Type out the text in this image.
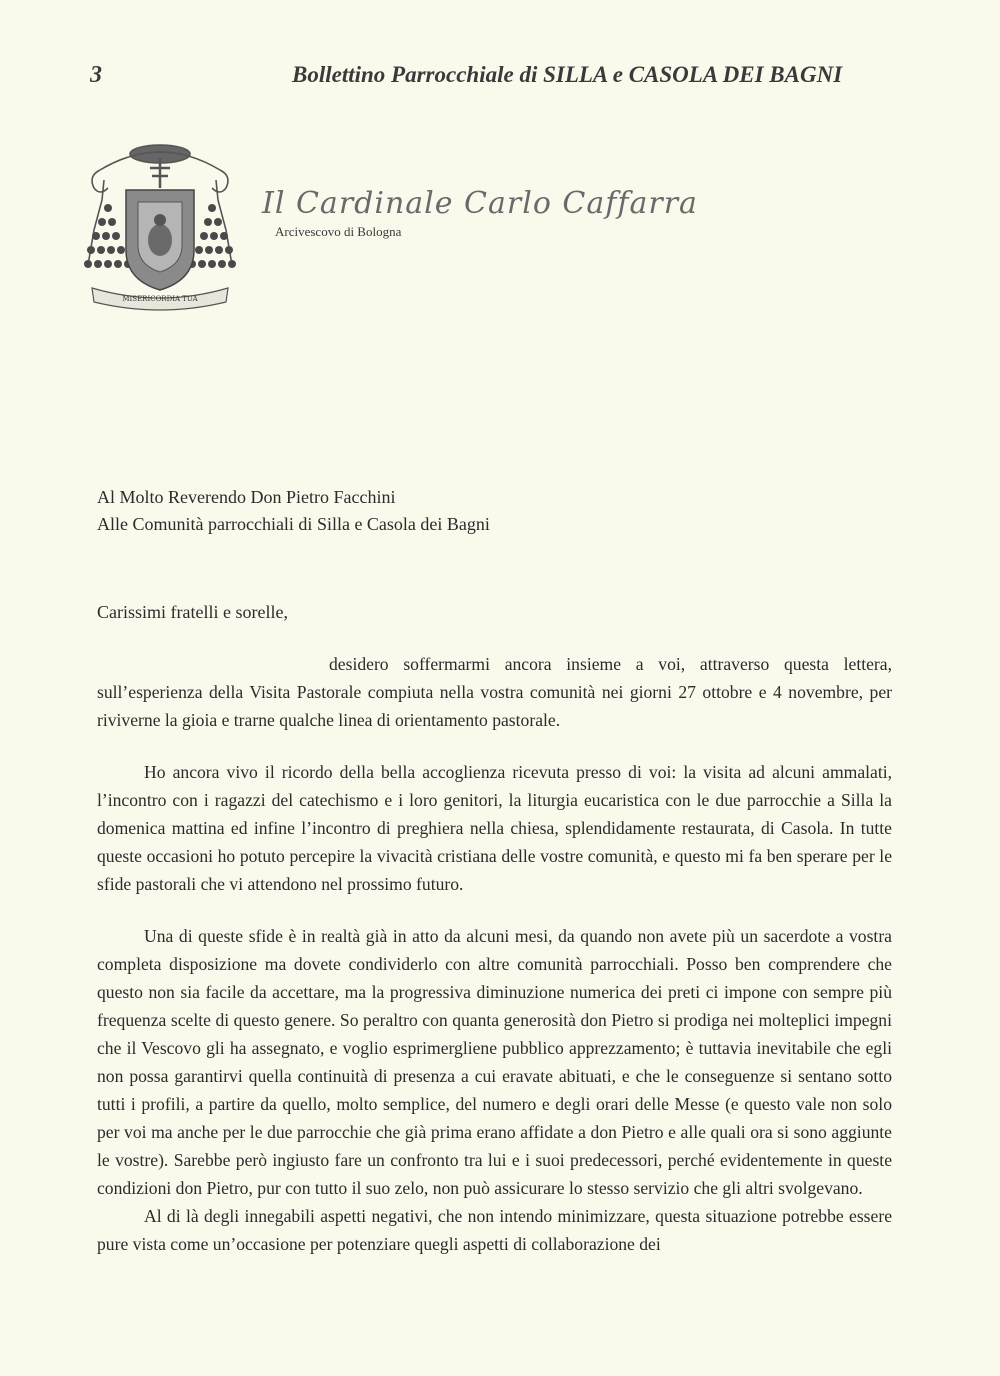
3	Bollettino Parrocchiale di SILLA e CASOLA DEI BAGNI
MISERICORDIA TUA
Il Cardinale Carlo Caffarra
Arcivescovo di Bologna
Al Molto Reverendo Don Pietro Facchini
Alle Comunità parrocchiali di Silla e Casola dei Bagni
Carissimi fratelli e sorelle,

desidero soffermarmi ancora insieme a voi, attraverso questa lettera, sull’esperienza della Visita Pastorale compiuta nella vostra comunità nei giorni 27 ottobre e 4 novembre, per riviverne la gioia e trarne qualche linea di orientamento pastorale.

Ho ancora vivo il ricordo della bella accoglienza ricevuta presso di voi: la visita ad alcuni ammalati, l’incontro con i ragazzi del catechismo e i loro genitori, la liturgia eucaristica con le due parrocchie a Silla la domenica mattina ed infine l’incontro di preghiera nella chiesa, splendidamente restaurata, di Casola. In tutte queste occasioni ho potuto percepire la vivacità cristiana delle vostre comunità, e questo mi fa ben sperare per le sfide pastorali che vi attendono nel prossimo futuro.

Una di queste sfide è in realtà già in atto da alcuni mesi, da quando non avete più un sacerdote a vostra completa disposizione ma dovete condividerlo con altre comunità parrocchiali. Posso ben comprendere che questo non sia facile da accettare, ma la progressiva diminuzione numerica dei preti ci impone con sempre più frequenza scelte di questo genere. So peraltro con quanta generosità don Pietro si prodiga nei molteplici impegni che il Vescovo gli ha assegnato, e voglio esprimergliene pubblico apprezzamento; è tuttavia inevitabile che egli non possa garantirvi quella continuità di presenza a cui eravate abituati, e che le conseguenze si sentano sotto tutti i profili, a partire da quello, molto semplice, del numero e degli orari delle Messe (e questo vale non solo per voi ma anche per le due parrocchie che già prima erano affidate a don Pietro e alle quali ora si sono aggiunte le vostre). Sarebbe però ingiusto fare un confronto tra lui e i suoi predecessori, perché evidentemente in queste condizioni don Pietro, pur con tutto il suo zelo, non può assicurare lo stesso servizio che gli altri svolgevano.

Al di là degli innegabili aspetti negativi, che non intendo minimizzare, questa situazione potrebbe essere pure vista come un’occasione per potenziare quegli aspetti di collaborazione dei
